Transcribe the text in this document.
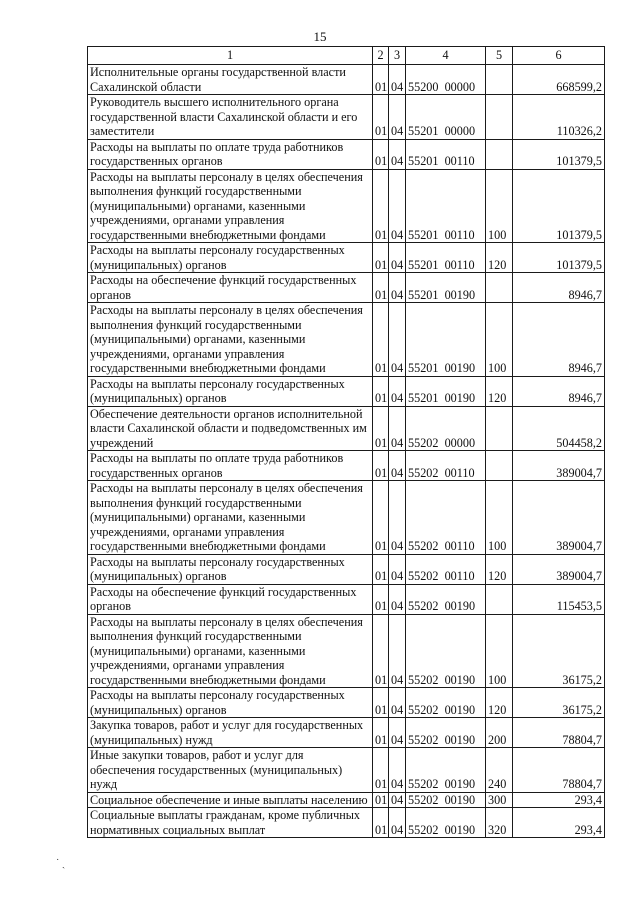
15
1	2	3	4	5	6
Исполнительные органы государственной власти Сахалинской области	01	04	55200  00000		668599,2
Руководитель высшего исполнительного органа государственной власти Сахалинской области и его заместители	01	04	55201  00000		110326,2
Расходы на выплаты по оплате труда работников государственных органов	01	04	55201  00110		101379,5
Расходы на выплаты персоналу в целях обеспечения выполнения функций государственными (муниципальными) органами, казенными учреждениями, органами управления государственными внебюджетными фондами	01	04	55201  00110	100	101379,5
Расходы на выплаты персоналу государственных (муниципальных) органов	01	04	55201  00110	120	101379,5
Расходы на обеспечение функций государственных органов	01	04	55201  00190		8946,7
Расходы на выплаты персоналу в целях обеспечения выполнения функций государственными (муниципальными) органами, казенными учреждениями, органами управления государственными внебюджетными фондами	01	04	55201  00190	100	8946,7
Расходы на выплаты персоналу государственных (муниципальных) органов	01	04	55201  00190	120	8946,7
Обеспечение деятельности органов исполнительной власти Сахалинской области и подведомственных им учреждений	01	04	55202  00000		504458,2
Расходы на выплаты по оплате труда работников государственных органов	01	04	55202  00110		389004,7
Расходы на выплаты персоналу в целях обеспечения выполнения функций государственными (муниципальными) органами, казенными учреждениями, органами управления государственными внебюджетными фондами	01	04	55202  00110	100	389004,7
Расходы на выплаты персоналу государственных (муниципальных) органов	01	04	55202  00110	120	389004,7
Расходы на обеспечение функций государственных органов	01	04	55202  00190		115453,5
Расходы на выплаты персоналу в целях обеспечения выполнения функций государственными (муниципальными) органами, казенными учреждениями, органами управления государственными внебюджетными фондами	01	04	55202  00190	100	36175,2
Расходы на выплаты персоналу государственных (муниципальных) органов	01	04	55202  00190	120	36175,2
Закупка товаров, работ и услуг для государственных (муниципальных) нужд	01	04	55202  00190	200	78804,7
Иные закупки товаров, работ и услуг для обеспечения государственных (муниципальных) нужд	01	04	55202  00190	240	78804,7
Социальное обеспечение и иные выплаты населению	01	04	55202  00190	300	293,4
Социальные выплаты гражданам, кроме публичных нормативных социальных выплат	01	04	55202  00190	320	293,4
˙ ˎ
